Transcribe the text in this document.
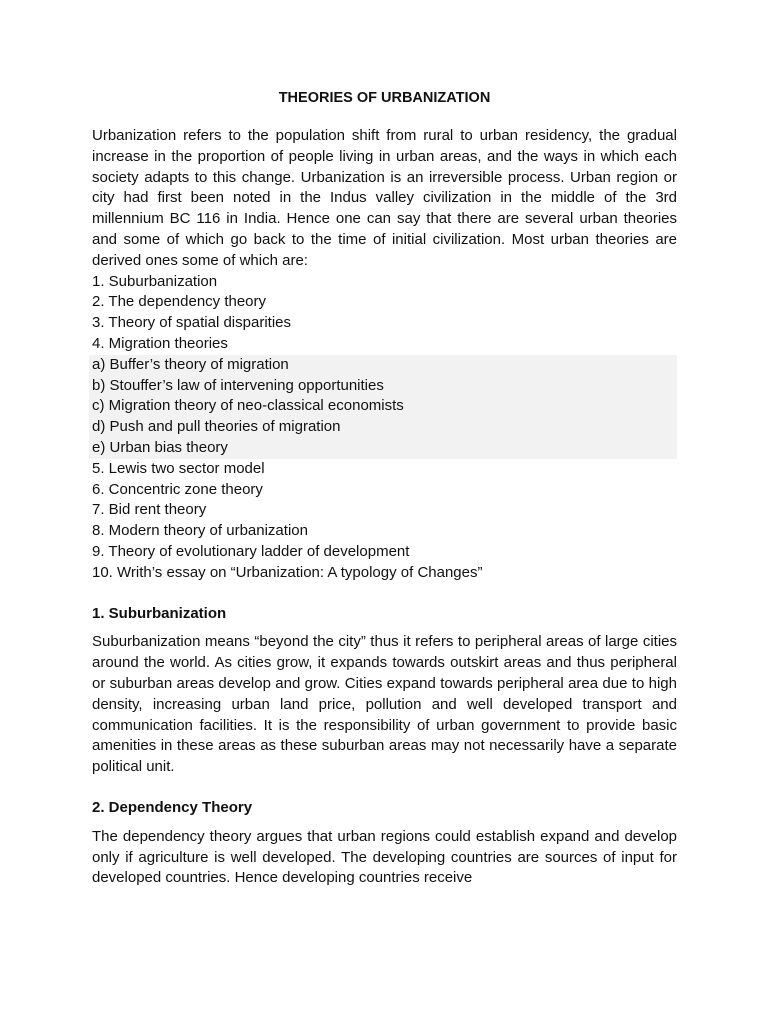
THEORIES OF URBANIZATION

Urbanization refers to the population shift from rural to urban residency, the gradual increase in the proportion of people living in urban areas, and the ways in which each society adapts to this change. Urbanization is an irreversible process. Urban region or city had first been noted in the Indus valley civilization in the middle of the 3rd millennium BC 116 in India. Hence one can say that there are several urban theories and some of which go back to the time of initial civilization. Most urban theories are derived ones some of which are:

1. Suburbanization
2. The dependency theory
3. Theory of spatial disparities
4. Migration theories
a) Buffer’s theory of migration
b) Stouffer’s law of intervening opportunities
c) Migration theory of neo-classical economists
d) Push and pull theories of migration
e) Urban bias theory
5. Lewis two sector model
6. Concentric zone theory
7. Bid rent theory
8. Modern theory of urbanization
9. Theory of evolutionary ladder of development
10. Writh’s essay on “Urbanization: A typology of Changes”
1. Suburbanization

Suburbanization means “beyond the city” thus it refers to peripheral areas of large cities around the world. As cities grow, it expands towards outskirt areas and thus peripheral or suburban areas develop and grow. Cities expand towards peripheral area due to high density, increasing urban land price, pollution and well developed transport and communication facilities. It is the responsibility of urban government to provide basic amenities in these areas as these suburban areas may not necessarily have a separate political unit.

2. Dependency Theory

The dependency theory argues that urban regions could establish expand and develop only if agriculture is well developed. The developing countries are sources of input for developed countries. Hence developing countries receive
